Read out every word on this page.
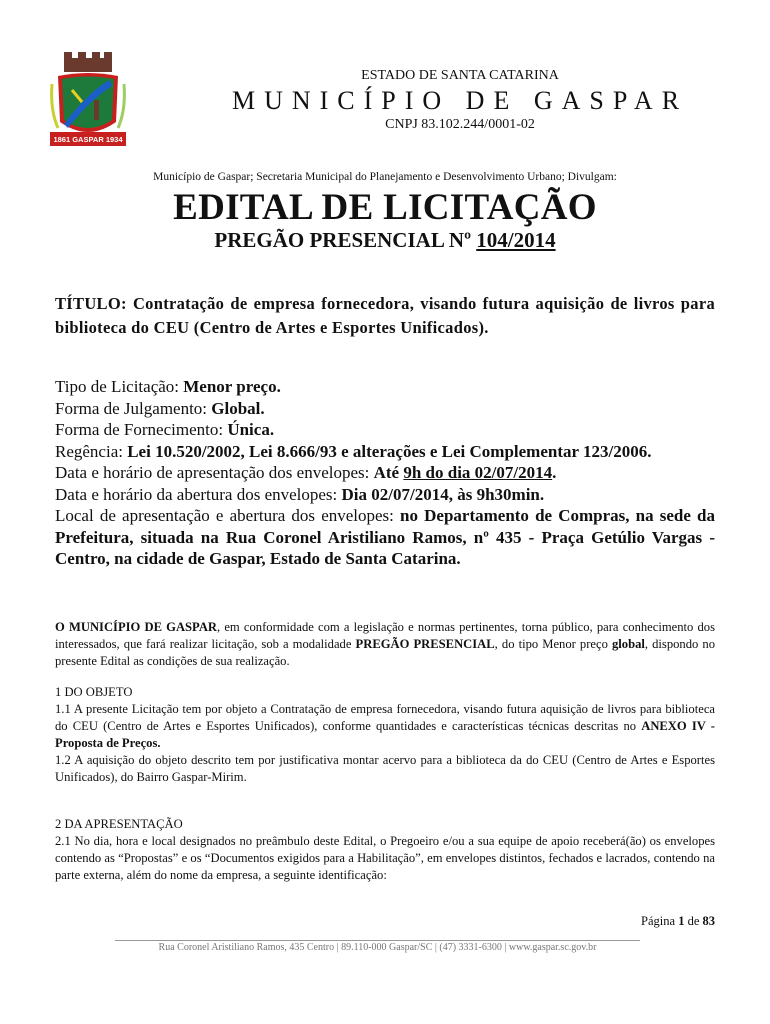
1861 GASPAR 1934
ESTADO DE SANTA CATARINA
MUNICÍPIO DE GASPAR
CNPJ 83.102.244/0001-02
Município de Gaspar; Secretaria Municipal do Planejamento e Desenvolvimento Urbano; Divulgam:
EDITAL DE LICITAÇÃO
PREGÃO PRESENCIAL Nº 104/2014
TÍTULO: Contratação de empresa fornecedora, visando futura aquisição de livros para biblioteca do CEU (Centro de Artes e Esportes Unificados).

Tipo de Licitação: Menor preço.

Forma de Julgamento: Global.

Forma de Fornecimento: Única.

Regência: Lei 10.520/2002, Lei 8.666/93 e alterações e Lei Complementar 123/2006.

Data e horário de apresentação dos envelopes: Até 9h do dia 02/07/2014.

Data e horário da abertura dos envelopes: Dia 02/07/2014, às 9h30min.

Local de apresentação e abertura dos envelopes: no Departamento de Compras, na sede da Prefeitura, situada na Rua Coronel Aristiliano Ramos, nº 435 - Praça Getúlio Vargas - Centro, na cidade de Gaspar, Estado de Santa Catarina.

O MUNICÍPIO DE GASPAR, em conformidade com a legislação e normas pertinentes, torna público, para conhecimento dos interessados, que fará realizar licitação, sob a modalidade PREGÃO PRESENCIAL, do tipo Menor preço global, dispondo no presente Edital as condições de sua realização.

1 DO OBJETO

1.1 A presente Licitação tem por objeto a Contratação de empresa fornecedora, visando futura aquisição de livros para biblioteca do CEU (Centro de Artes e Esportes Unificados), conforme quantidades e características técnicas descritas no ANEXO IV - Proposta de Preços.

1.2 A aquisição do objeto descrito tem por justificativa montar acervo para a biblioteca da do CEU (Centro de Artes e Esportes Unificados), do Bairro Gaspar-Mirim.

2 DA APRESENTAÇÃO

2.1 No dia, hora e local designados no preâmbulo deste Edital, o Pregoeiro e/ou a sua equipe de apoio receberá(ão) os envelopes contendo as “Propostas” e os “Documentos exigidos para a Habilitação”, em envelopes distintos, fechados e lacrados, contendo na parte externa, além do nome da empresa, a seguinte identificação:

Página 1 de 83
Rua Coronel Aristiliano Ramos, 435 Centro | 89.110-000 Gaspar/SC | (47) 3331-6300 | www.gaspar.sc.gov.br
